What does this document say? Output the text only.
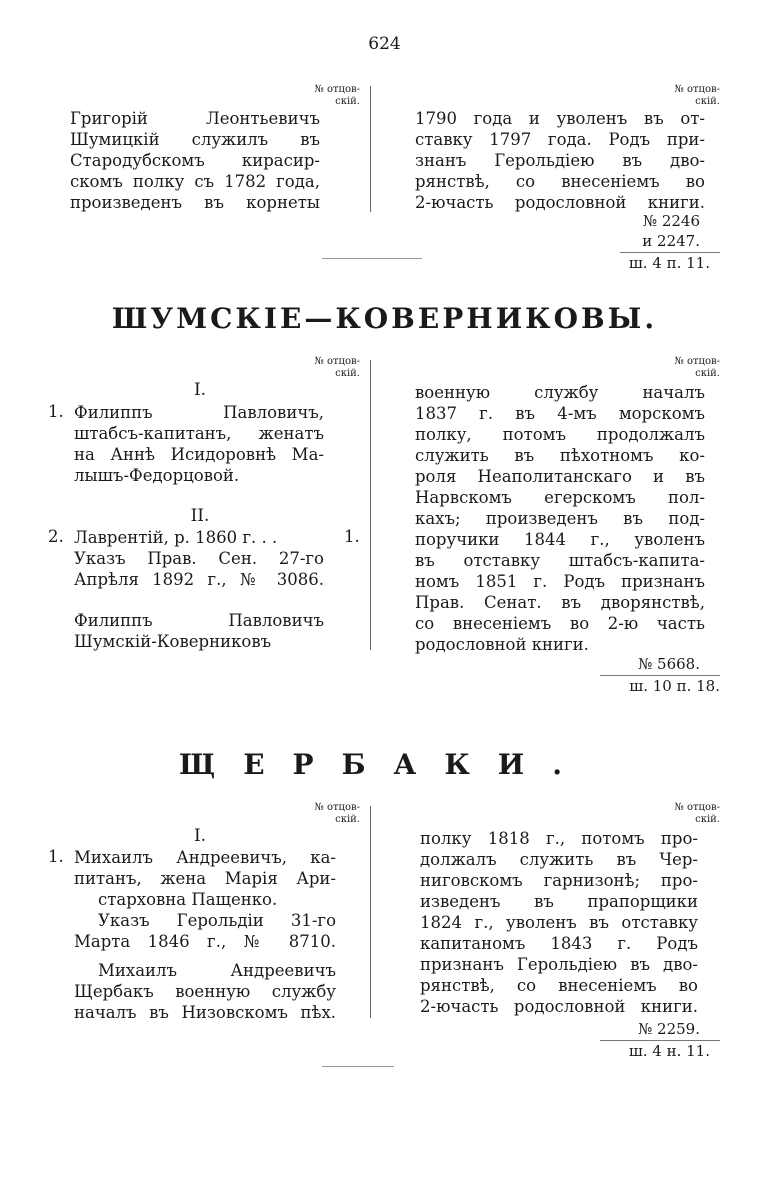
624
№ отцов-
скій.
№ отцов-
скій.
Григорій Леонтьевичъ
Шумицкій служилъ въ
Стародубскомъ кирасир-
скомъ полку съ 1782 года,
произведенъ въ корнеты
1790 года и уволенъ въ от-
ставку 1797 года. Родъ при-
знанъ Герольдіею въ дво-
рянствѣ, со внесеніемъ во
2-ючасть родословной книги.
№ 2246
и 2247.
ш. 4 п. 11.
ШУМСКІЕ—КОВЕРНИКОВЫ.
№ отцов-
скій.
№ отцов-
скій.
I.
1. Филиппъ Павловичъ,
штабсъ-капитанъ, женатъ
на Аннѣ Исидоровнѣ Ма-
лышъ-Федорцовой.
II.
2. Лаврентій, р. 1860 г. . .
Указъ Прав. Сен. 27-го
Апрѣля 1892 г., № 3086.
1.
Филиппъ Павловичъ
Шумскій-Коверниковъ
военную службу началъ
1837 г. въ 4-мъ морскомъ
полку, потомъ продолжалъ
служить въ пѣхотномъ ко-
роля Неаполитанскаго и въ
Нарвскомъ егерскомъ пол-
кахъ; произведенъ въ под-
поручики 1844 г., уволенъ
въ отставку штабсъ-капита-
номъ 1851 г. Родъ признанъ
Прав. Сенат. въ дворянствѣ,
со внесеніемъ во 2-ю часть
родословной книги.
№ 5668.
ш. 10 п. 18.
ЩЕРБАКИ.
№ отцов-
скій.
№ отцов-
скій.
I.
1. Михаилъ Андреевичъ, ка-
питанъ, жена Марія Ари-
старховна Пащенко.
Указъ Герольдіи 31-го
Марта 1846 г., № 8710.
Михаилъ Андреевичъ
Щербакъ военную службу
началъ въ Низовскомъ пѣх.
полку 1818 г., потомъ про-
должалъ служить въ Чер-
ниговскомъ гарнизонѣ; про-
изведенъ въ прапорщики
1824 г., уволенъ въ отставку
капитаномъ 1843 г. Родъ
признанъ Герольдіею въ дво-
рянствѣ, со внесеніемъ во
2-ючасть родословной книги.
№ 2259.
ш. 4 н. 11.
